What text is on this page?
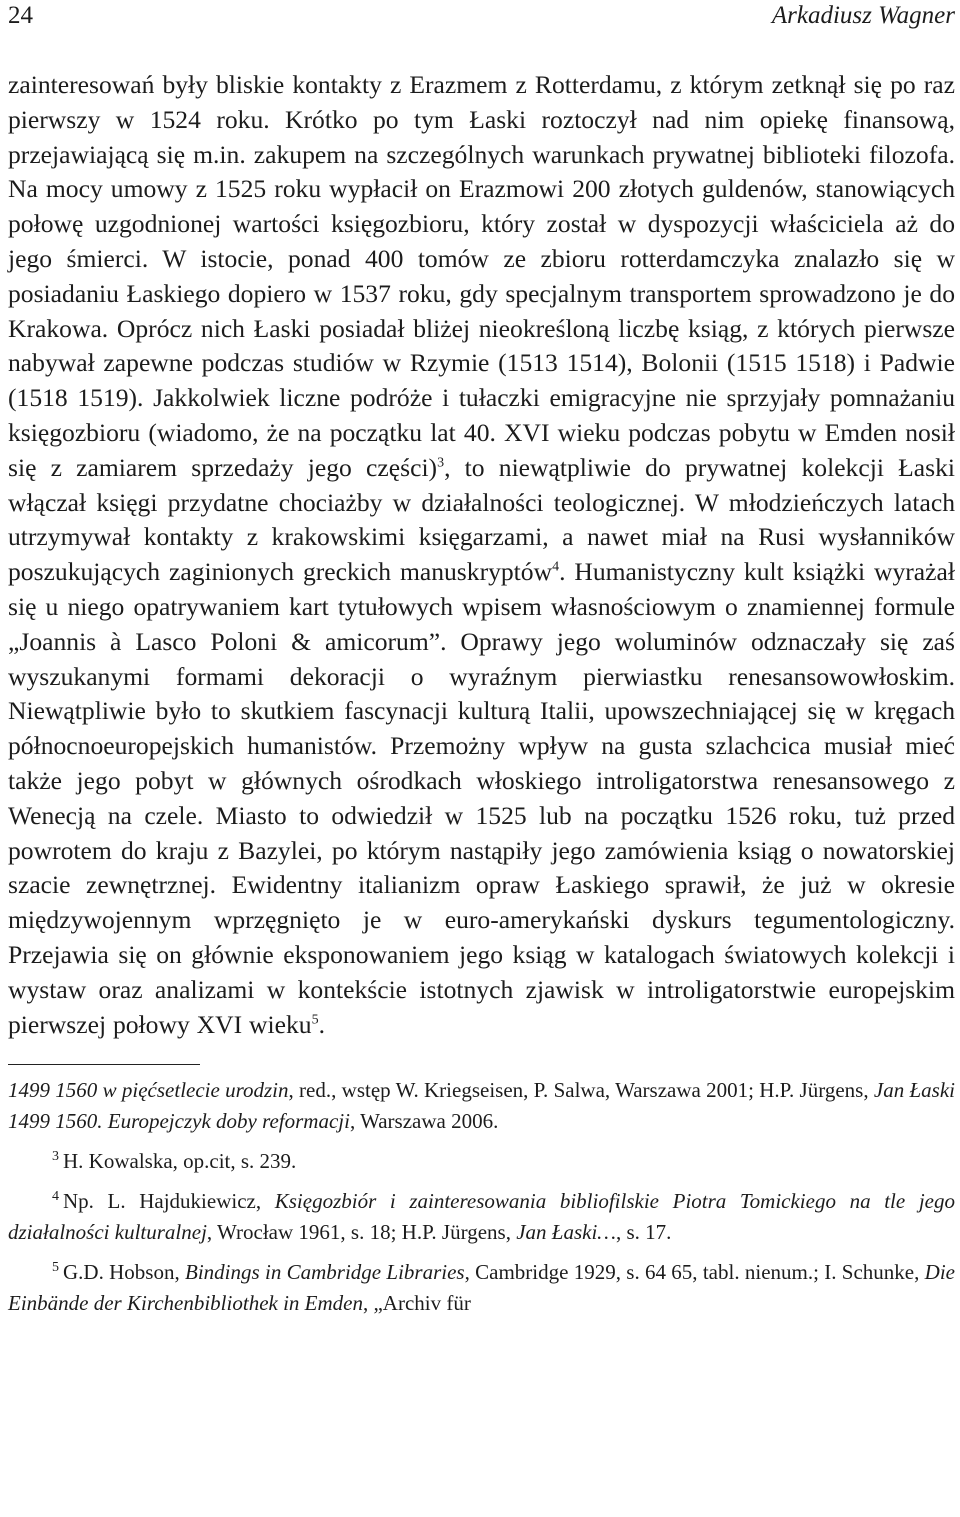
24	Arkadiusz Wagner
zainteresowań były bliskie kontakty z Erazmem z Rotterdamu, z którym zetknął się po raz pierwszy w 1524 roku. Krótko po tym Łaski roztoczył nad nim opiekę finansową, przejawiającą się m.in. zakupem na szczególnych warunkach prywatnej biblioteki filozofa. Na mocy umowy z 1525 roku wypłacił on Erazmowi 200 złotych guldenów, stanowiących połowę uzgodnionej wartości księgozbioru, który został w dyspozycji właściciela aż do jego śmierci. W istocie, ponad 400 tomów ze zbioru rotterdamczyka znalazło się w posiadaniu Łaskiego dopiero w 1537 roku, gdy specjalnym transportem sprowadzono je do Krakowa. Oprócz nich Łaski posiadał bliżej nieokreśloną liczbę ksiąg, z których pierwsze nabywał zapewne podczas studiów w Rzymie (1513 1514), Bolonii (1515 1518) i Padwie (1518 1519). Jakkolwiek liczne podróże i tułaczki emigracyjne nie sprzyjały pomnażaniu księgozbioru (wiadomo, że na początku lat 40. XVI wieku podczas pobytu w Emden nosił się z zamiarem sprzedaży jego części)$^3$, to niewątpliwie do prywatnej kolekcji Łaski włączał księgi przydatne chociażby w działalności teologicznej. W młodzieńczych latach utrzymywał kontakty z krakowskimi księgarzami, a nawet miał na Rusi wysłanników poszukujących zaginionych greckich manuskryptów$^4$. Humanistyczny kult książki wyrażał się u niego opatrywaniem kart tytułowych wpisem własnościowym o znamiennej formule „Joannis à Lasco Poloni & amicorum”. Oprawy jego woluminów odznaczały się zaś wyszukanymi formami dekoracji o wyraźnym pierwiastku renesansowowłoskim. Niewątpliwie było to skutkiem fascynacji kulturą Italii, upowszechniającej się w kręgach północnoeuropejskich humanistów. Przemożny wpływ na gusta szlachcica musiał mieć także jego pobyt w głównych ośrodkach włoskiego introligatorstwa renesansowego z Wenecją na czele. Miasto to odwiedził w 1525 lub na początku 1526 roku, tuż przed powrotem do kraju z Bazylei, po którym nastąpiły jego zamówienia ksiąg o nowatorskiej szacie zewnętrznej. Ewidentny italianizm opraw Łaskiego sprawił, że już w okresie międzywojennym wprzęgnięto je w euro-amerykański dyskurs tegumentologiczny. Przejawia się on głównie eksponowaniem jego ksiąg w katalogach światowych kolekcji i wystaw oraz analizami w kontekście istotnych zjawisk w introligatorstwie europejskim pierwszej połowy XVI wieku$^5$.

1499 1560 w pięćsetlecie urodzin, red., wstęp W. Kriegseisen, P. Salwa, Warszawa 2001; H.P. Jürgens, Jan Łaski 1499 1560. Europejczyk doby reformacji, Warszawa 2006.

$^3$ H. Kowalska, op.cit, s. 239.

$^4$ Np. L. Hajdukiewicz, Księgozbiór i zainteresowania bibliofilskie Piotra Tomickiego na tle jego działalności kulturalnej, Wrocław 1961, s. 18; H.P. Jürgens, Jan Łaski…, s. 17.

$^5$ G.D. Hobson, Bindings in Cambridge Libraries, Cambridge 1929, s. 64 65, tabl. nienum.; I. Schunke, Die Einbände der Kirchenbibliothek in Emden, „Archiv für
